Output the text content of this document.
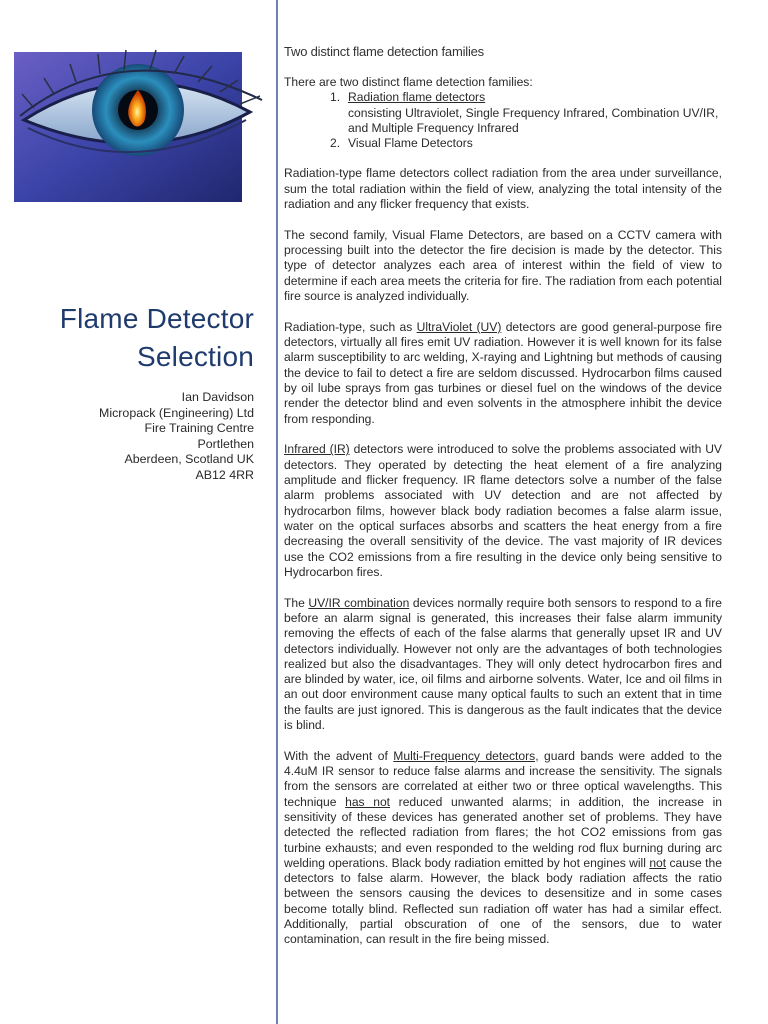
Flame Detector
Selection
Ian Davidson
Micropack (Engineering) Ltd
Fire Training Centre
Portlethen
Aberdeen, Scotland UK
AB12 4RR
Two distinct flame detection families

There are two distinct flame detection families:

1. Radiation flame detectors
consisting Ultraviolet, Single Frequency Infrared, Combination UV/IR, and Multiple Frequency Infrared
2. Visual Flame Detectors

Radiation-type flame detectors collect radiation from the area under surveillance, sum the total radiation within the field of view, analyzing the total intensity of the radiation and any flicker frequency that exists.

The second family, Visual Flame Detectors, are based on a CCTV camera with processing built into the detector the fire decision is made by the detector. This type of detector analyzes each area of interest within the field of view to determine if each area meets the criteria for fire. The radiation from each potential fire source is analyzed individually.

Radiation-type, such as UltraViolet (UV) detectors are good general-purpose fire detectors, virtually all fires emit UV radiation. However it is well known for its false alarm susceptibility to arc welding, X-raying and Lightning but methods of causing the device to fail to detect a fire are seldom discussed. Hydrocarbon films caused by oil lube sprays from gas turbines or diesel fuel on the windows of the device render the detector blind and even solvents in the atmosphere inhibit the device from responding.

Infrared (IR) detectors were introduced to solve the problems associated with UV detectors. They operated by detecting the heat element of a fire analyzing amplitude and flicker frequency. IR flame detectors solve a number of the false alarm problems associated with UV detection and are not affected by hydrocarbon films, however black body radiation becomes a false alarm issue, water on the optical surfaces absorbs and scatters the heat energy from a fire decreasing the overall sensitivity of the device. The vast majority of IR devices use the CO2 emissions from a fire resulting in the device only being sensitive to Hydrocarbon fires.

The UV/IR combination devices normally require both sensors to respond to a fire before an alarm signal is generated, this increases their false alarm immunity removing the effects of each of the false alarms that generally upset IR and UV detectors individually. However not only are the advantages of both technologies realized but also the disadvantages. They will only detect hydrocarbon fires and are blinded by water, ice, oil films and airborne solvents. Water, Ice and oil films in an out door environment cause many optical faults to such an extent that in time the faults are just ignored. This is dangerous as the fault indicates that the device is blind.

With the advent of Multi-Frequency detectors, guard bands were added to the 4.4uM IR sensor to reduce false alarms and increase the sensitivity. The signals from the sensors are correlated at either two or three optical wavelengths. This technique has not reduced unwanted alarms; in addition, the increase in sensitivity of these devices has generated another set of problems. They have detected the reflected radiation from flares; the hot CO2 emissions from gas turbine exhausts; and even responded to the welding rod flux burning during arc welding operations. Black body radiation emitted by hot engines will not cause the detectors to false alarm. However, the black body radiation affects the ratio between the sensors causing the devices to desensitize and in some cases become totally blind. Reflected sun radiation off water has had a similar effect. Additionally, partial obscuration of one of the sensors, due to water contamination, can result in the fire being missed.
